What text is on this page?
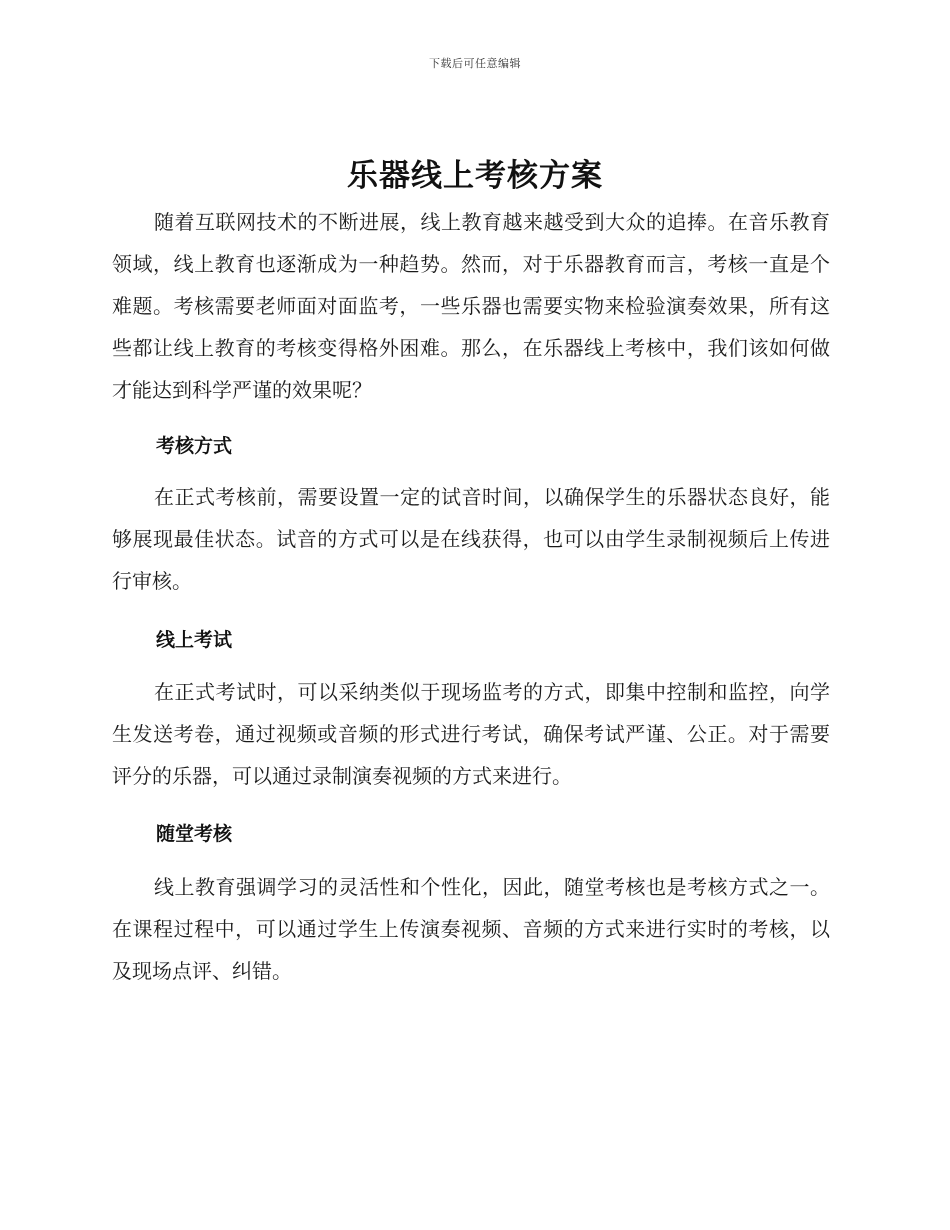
下载后可任意编辑
乐器线上考核方案

随着互联网技术的不断进展，线上教育越来越受到大众的追捧。在音乐教育领域，线上教育也逐渐成为一种趋势。然而，对于乐器教育而言，考核一直是个难题。考核需要老师面对面监考，一些乐器也需要实物来检验演奏效果，所有这些都让线上教育的考核变得格外困难。那么，在乐器线上考核中，我们该如何做才能达到科学严谨的效果呢？

考核方式

在正式考核前，需要设置一定的试音时间，以确保学生的乐器状态良好，能够展现最佳状态。试音的方式可以是在线获得，也可以由学生录制视频后上传进行审核。

线上考试

在正式考试时，可以采纳类似于现场监考的方式，即集中控制和监控，向学生发送考卷，通过视频或音频的形式进行考试，确保考试严谨、公正。对于需要评分的乐器，可以通过录制演奏视频的方式来进行。

随堂考核

线上教育强调学习的灵活性和个性化，因此，随堂考核也是考核方式之一。在课程过程中，可以通过学生上传演奏视频、音频的方式来进行实时的考核，以及现场点评、纠错。
